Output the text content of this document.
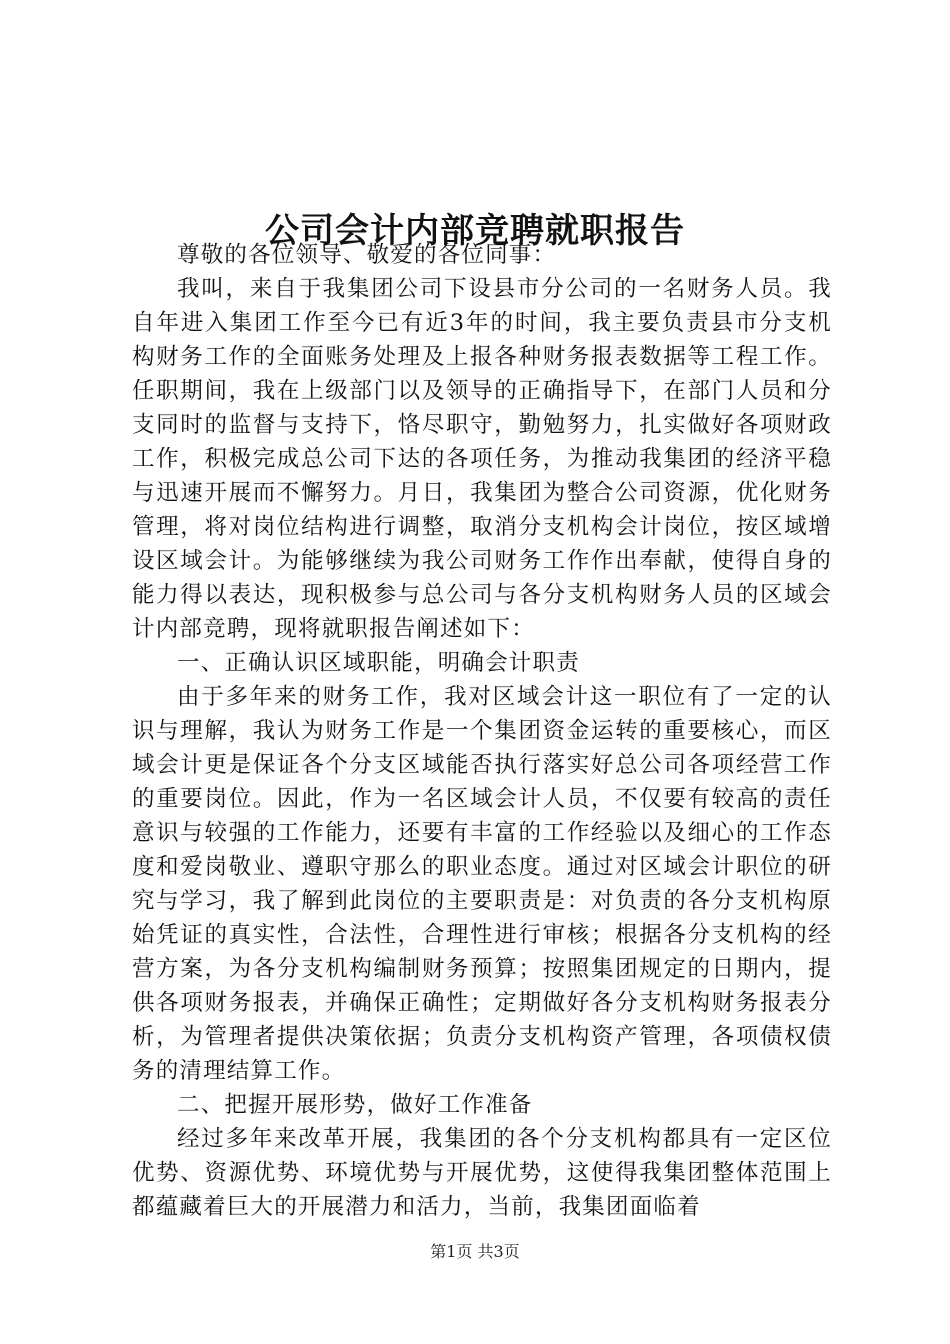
公司会计内部竞聘就职报告

尊敬的各位领导、敬爱的各位同事：

我叫，来自于我集团公司下设县市分公司的一名财务人员。我自年进入集团工作至今已有近3年的时间，我主要负责县市分支机构财务工作的全面账务处理及上报各种财务报表数据等工程工作。任职期间，我在上级部门以及领导的正确指导下，在部门人员和分支同时的监督与支持下，恪尽职守，勤勉努力，扎实做好各项财政工作，积极完成总公司下达的各项任务，为推动我集团的经济平稳与迅速开展而不懈努力。月日，我集团为整合公司资源，优化财务管理，将对岗位结构进行调整，取消分支机构会计岗位，按区域增设区域会计。为能够继续为我公司财务工作作出奉献，使得自身的能力得以表达，现积极参与总公司与各分支机构财务人员的区域会计内部竞聘，现将就职报告阐述如下：

一、正确认识区域职能，明确会计职责

由于多年来的财务工作，我对区域会计这一职位有了一定的认识与理解，我认为财务工作是一个集团资金运转的重要核心，而区域会计更是保证各个分支区域能否执行落实好总公司各项经营工作的重要岗位。因此，作为一名区域会计人员，不仅要有较高的责任意识与较强的工作能力，还要有丰富的工作经验以及细心的工作态度和爱岗敬业、遵职守那么的职业态度。通过对区域会计职位的研究与学习，我了解到此岗位的主要职责是：对负责的各分支机构原始凭证的真实性，合法性，合理性进行审核；根据各分支机构的经营方案，为各分支机构编制财务预算；按照集团规定的日期内，提供各项财务报表，并确保正确性；定期做好各分支机构财务报表分析，为管理者提供决策依据；负责分支机构资产管理，各项债权债务的清理结算工作。

二、把握开展形势，做好工作准备

经过多年来改革开展，我集团的各个分支机构都具有一定区位优势、资源优势、环境优势与开展优势，这使得我集团整体范围上都蕴藏着巨大的开展潜力和活力，当前，我集团面临着

第1页 共3页
